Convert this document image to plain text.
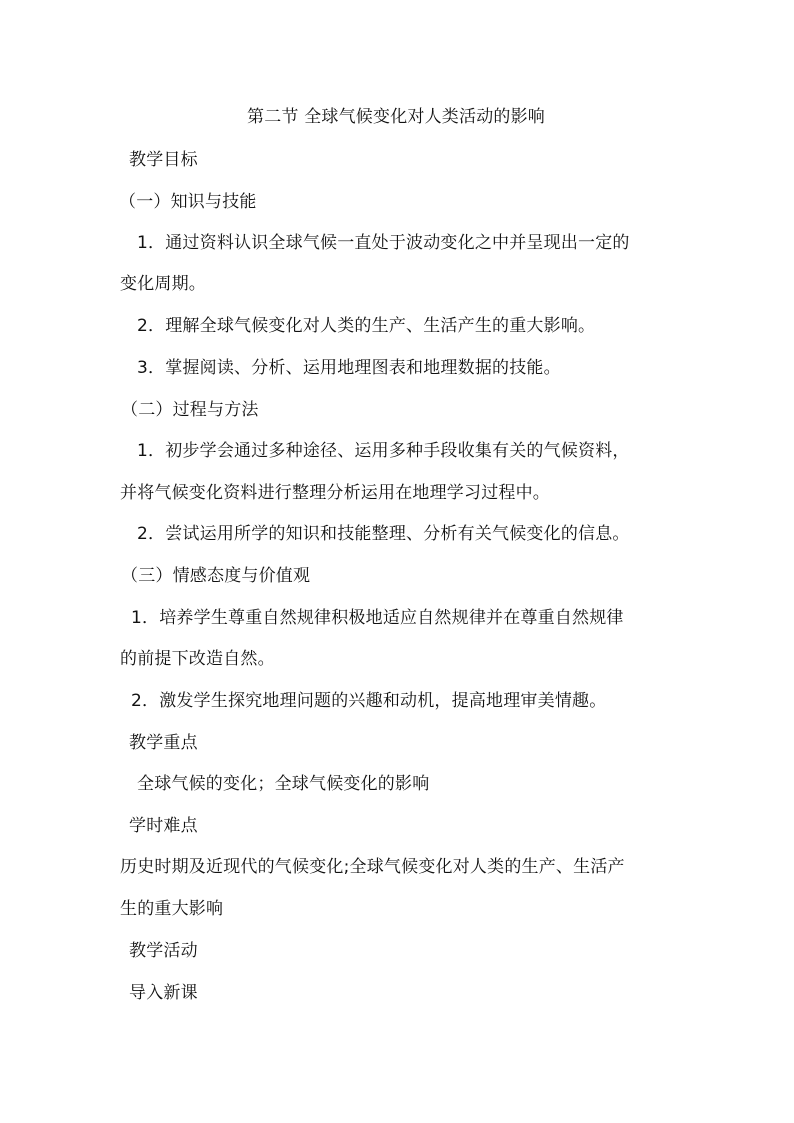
第二节 全球气候变化对人类活动的影响
教学目标
（一）知识与技能
1．通过资料认识全球气候一直处于波动变化之中并呈现出一定的
变化周期。
2．理解全球气候变化对人类的生产、生活产生的重大影响。
3．掌握阅读、分析、运用地理图表和地理数据的技能。
（二）过程与方法
1．初步学会通过多种途径、运用多种手段收集有关的气候资料，
并将气候变化资料进行整理分析运用在地理学习过程中。
2．尝试运用所学的知识和技能整理、分析有关气候变化的信息。
（三）情感态度与价值观
1．培养学生尊重自然规律积极地适应自然规律并在尊重自然规律
的前提下改造自然。
2．激发学生探究地理问题的兴趣和动机，提高地理审美情趣。
教学重点
全球气候的变化；全球气候变化的影响
学时难点
历史时期及近现代的气候变化;全球气候变化对人类的生产、生活产
生的重大影响
教学活动
导入新课
